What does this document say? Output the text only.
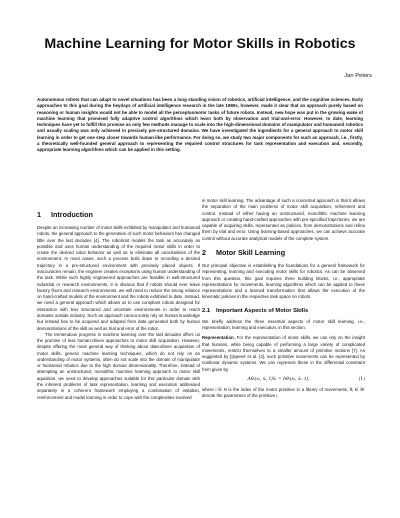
Machine Learning for Motor Skills in Robotics
Jan Peters
Autonomous robots that can adapt to novel situations has been a long standing vision of robotics, artificial intelligence, and the cognitive sciences. Early approaches to this goal during the heydays of artificial intelligence research in the late 1980s, however, made it clear that an approach purely based on reasoning or human insights would not be able to model all the perceptuomotor tasks of future robots. Instead, new hope was put in the growing wake of machine learning that promised fully adaptive control algorithms which learn both by observation and trial-and-error. However, to date, learning techniques have yet to fulfill this promise as only few methods manage to scale into the high-dimensional domains of manipulator and humanoid robotics and usually scaling was only achieved in precisely pre-structured domains. We have investigated the ingredients for a general approach to motor skill learning in order to get one step closer towards human-like performance. For doing so, we study two major components for such an approach, i.e., firstly, a theoretically well-founded general approach to representing the required control structures for task representation and execution and, secondly, appropriate learning algorithms which can be applied in this setting.
1 Introduction

Despite an increasing number of motor skills exhibited by manipulator and humanoid robots, the general approach to the generation of such motor behaviors has changed little over the last decades [4]. The roboticist models the task as accurately as possible and uses human understanding of the required motor skills in order to create the desired robot behavior as well as to eliminate all uncertainties of the environment. In most cases, such a process boils down to recording a desired trajectory in a pre-structured environment with precisely placed objects. If inaccuracies remain, the engineer creates exceptions using human understanding of the task. While such highly engineered approaches are feasible in well-structured industrial or research environments, it is obvious that if robots should ever leave factory floors and research environments, we will need to reduce the strong reliance on hand-crafted models of the environment and the robots exhibited to date. Instead, we need a general approach which allows us to use compliant robots designed for interaction with less structured and uncertain environments in order to reach domains outside industry. Such an approach cannot solely rely on human knowledge but instead has to be acquired and adapted from data generated both by human demonstrations of the skill as well as trial and error of the robot.

The tremendous progress in machine learning over the last decades offers us the promise of less human-driven approaches to motor skill acquisition. However, despite offering the most general way of thinking about data-driven acquisition of motor skills, generic machine learning techniques, which do not rely on an understanding of motor systems, often do not scale into the domain of manipulator or humanoid robotics due to the high domain dimensionality. Therefore, instead of attempting an unstructured, monolithic machine learning approach to motor skill aquisition, we need to develop approaches suitable for this particular domain with the inherent problems of task representation, learning and execution addressed separately in a coherent framework employing a combination of imitation, reinforcement and model learning in order to cope with the complexities involved

in motor skill learning. The advantage of such a concerted approach is that it allows the separation of the main problems of motor skill acquisition, refinement and control. Instead of either having an unstructured, monolithic machine learning approach or creating hand-crafted approaches with pre-specified trajectories, we are capable of acquiring skills, represented as policies, from demonstrations and refine them by trial and error. Using learning-based approaches, we can achieve accurate control without accurate analytical models of the complete system.

2 Motor Skill Learning

Our principal objective is establishing the foundations for a general framework for representing, learning and executing motor skills for robotics. As can be observed from this question, this goal requires three building blocks, i.e., appropriate representations for movements, learning algorithms which can be applied to these representations and a learned transformation that allows the execution of the kinematic policies in the respective task space on robots.

2.1 Important Aspects of Motor Skills

We briefly address the three essential aspects of motor skill learning, i.e., representation, learning and execution, in this section.

Representation. For the representation of motor skills, we can rely on the insight that humans, while being capable of performing a large variety of complicated movements, restrict themselves to a smaller amount of primitive motions [7]. As suggested by [Ijspeert et al. [2], such primitive movements can be represented by nonlinear dynamic systems. We can represent these in the differential constraint form given by

Aθᵢ(xᵢ, ẋᵢ, t)ẍᵢ = bθᵢ(xᵢ, ẋᵢ, t),	(1)

where i ∈ N is the index of the motor primitive in a library of movements, θᵢ ∈ ℝᴸ denote the parameters of the primitive i,
